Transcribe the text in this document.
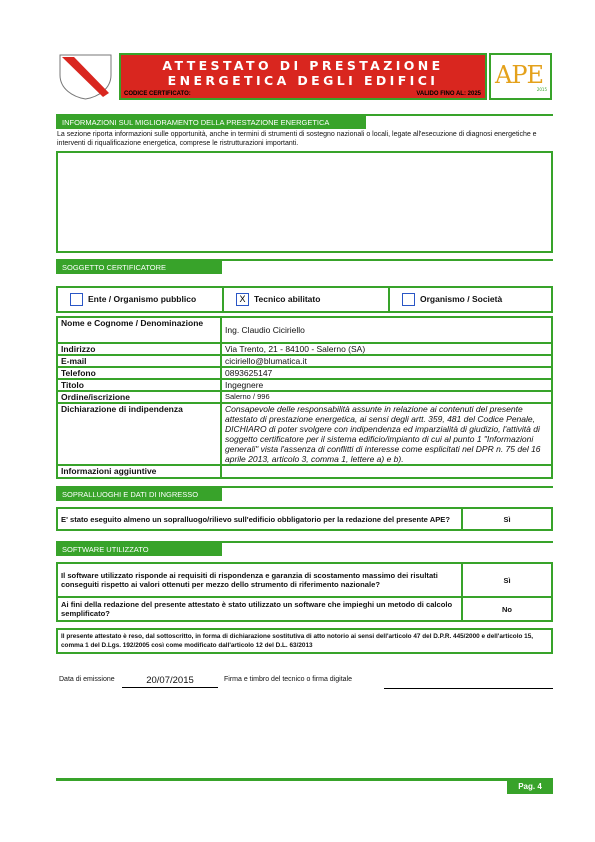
ATTESTATO DI PRESTAZIONE
ENERGETICA DEGLI EDIFICI
CODICE CERTIFICATO:	VALIDO FINO AL: 2025
APE
2015
INFORMAZIONI SUL MIGLIORAMENTO DELLA PRESTAZIONE ENERGETICA
La sezione riporta informazioni sulle opportunità, anche in termini di strumenti di sostegno nazionali o locali, legate all'esecuzione di diagnosi energetiche e interventi di riqualificazione energetica, comprese le ristrutturazioni importanti.
SOGGETTO CERTIFICATORE
Ente / Organismo pubblico	X Tecnico abilitato	Organismo / Società
Nome e Cognome / Denominazione	Ing. Claudio Ciciriello
Indirizzo	Via Trento, 21 - 84100 - Salerno (SA)
E-mail	ciciriello@blumatica.it
Telefono	0893625147
Titolo	Ingegnere
Ordine/iscrizione	Salerno / 996
Dichiarazione di indipendenza	Consapevole delle responsabilità assunte in relazione ai contenuti del presente attestato di prestazione energetica, ai sensi degli artt. 359, 481 del Codice Penale, DICHIARO di poter svolgere con indipendenza ed imparzialità di giudizio, l'attività di soggetto certificatore per il sistema edificio/impianto di cui al punto 1 "Informazioni generali" vista l'assenza di conflitti di interesse come esplicitati nel DPR n. 75 del 16 aprile 2013, articolo 3, comma 1, lettere a) e b).
Informazioni aggiuntive	
SOPRALLUOGHI E DATI DI INGRESSO
E' stato eseguito almeno un sopralluogo/rilievo sull'edificio obbligatorio per la redazione del presente APE?	Sì
SOFTWARE UTILIZZATO
Il software utilizzato risponde ai requisiti di rispondenza e garanzia di scostamento massimo dei risultati conseguiti rispetto ai valori ottenuti per mezzo dello strumento di riferimento nazionale?	Sì
Ai fini della redazione del presente attestato è stato utilizzato un software che impieghi un metodo di calcolo semplificato?	No
Il presente attestato è reso, dal sottoscritto, in forma di dichiarazione sostitutiva di atto notorio ai sensi dell'articolo 47 del D.P.R. 445/2000 e dell'articolo 15, comma 1 del D.Lgs. 192/2005 così come modificato dall'articolo 12 del D.L. 63/2013
Data di emissione	20/07/2015	Firma e timbro del tecnico o firma digitale
Pag. 4
